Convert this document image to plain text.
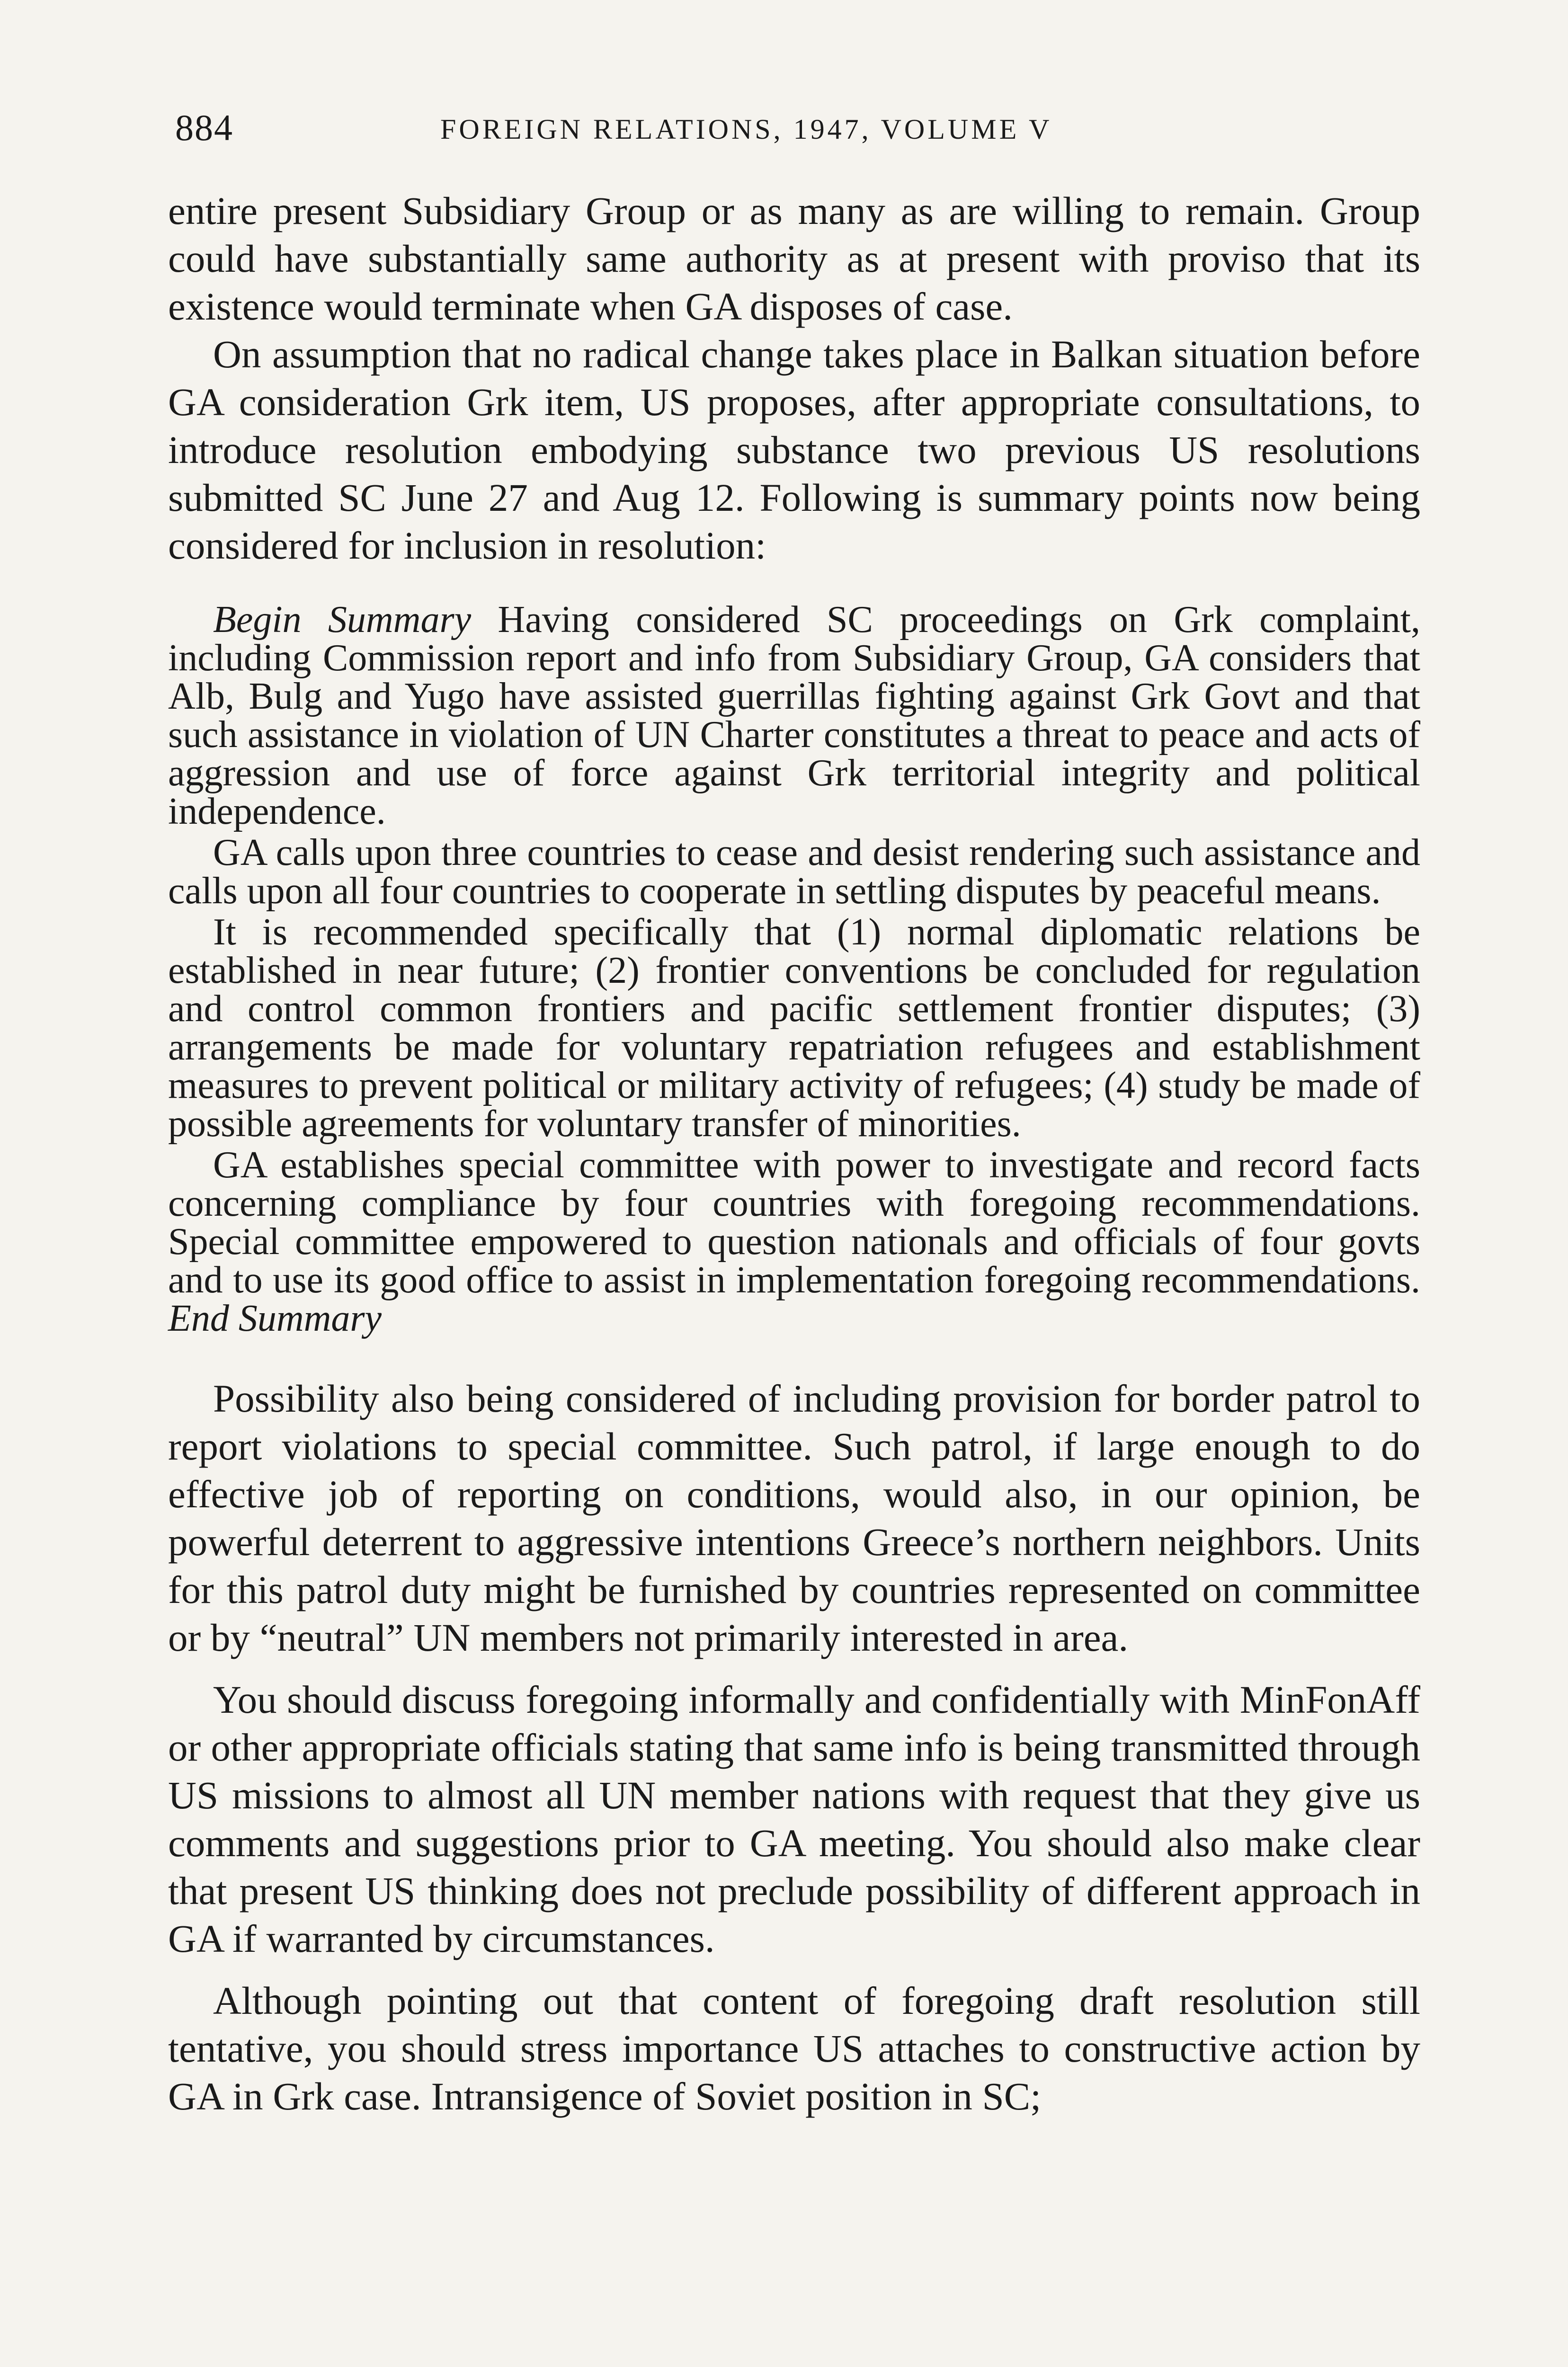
884	FOREIGN RELATIONS, 1947, VOLUME V

entire present Subsidiary Group or as many as are willing to remain. Group could have substantially same authority as at present with proviso that its existence would terminate when GA disposes of case.

On assumption that no radical change takes place in Balkan situation before GA consideration Grk item, US proposes, after appropriate consultations, to introduce resolution embodying substance two previous US resolutions submitted SC June 27 and Aug 12. Following is summary points now being considered for inclusion in resolution:

Begin Summary Having considered SC proceedings on Grk complaint, including Commission report and info from Subsidiary Group, GA considers that Alb, Bulg and Yugo have assisted guerrillas fighting against Grk Govt and that such assistance in violation of UN Charter constitutes a threat to peace and acts of aggression and use of force against Grk territorial integrity and political independence.

GA calls upon three countries to cease and desist rendering such assistance and calls upon all four countries to cooperate in settling disputes by peaceful means.

It is recommended specifically that (1) normal diplomatic relations be established in near future; (2) frontier conventions be concluded for regulation and control common frontiers and pacific settlement frontier disputes; (3) arrangements be made for voluntary repatriation refugees and establishment measures to prevent political or military activity of refugees; (4) study be made of possible agreements for voluntary transfer of minorities.

GA establishes special committee with power to investigate and record facts concerning compliance by four countries with foregoing recommendations. Special committee empowered to question nationals and officials of four govts and to use its good office to assist in implementation foregoing recommendations. End Summary

Possibility also being considered of including provision for border patrol to report violations to special committee. Such patrol, if large enough to do effective job of reporting on conditions, would also, in our opinion, be powerful deterrent to aggressive intentions Greece’s northern neighbors. Units for this patrol duty might be furnished by countries represented on committee or by “neutral” UN members not primarily interested in area.

You should discuss foregoing informally and confidentially with MinFonAff or other appropriate officials stating that same info is being transmitted through US missions to almost all UN member nations with request that they give us comments and suggestions prior to GA meeting. You should also make clear that present US thinking does not preclude possibility of different approach in GA if warranted by circumstances.

Although pointing out that content of foregoing draft resolution still tentative, you should stress importance US attaches to constructive action by GA in Grk case. Intransigence of Soviet position in SC;
